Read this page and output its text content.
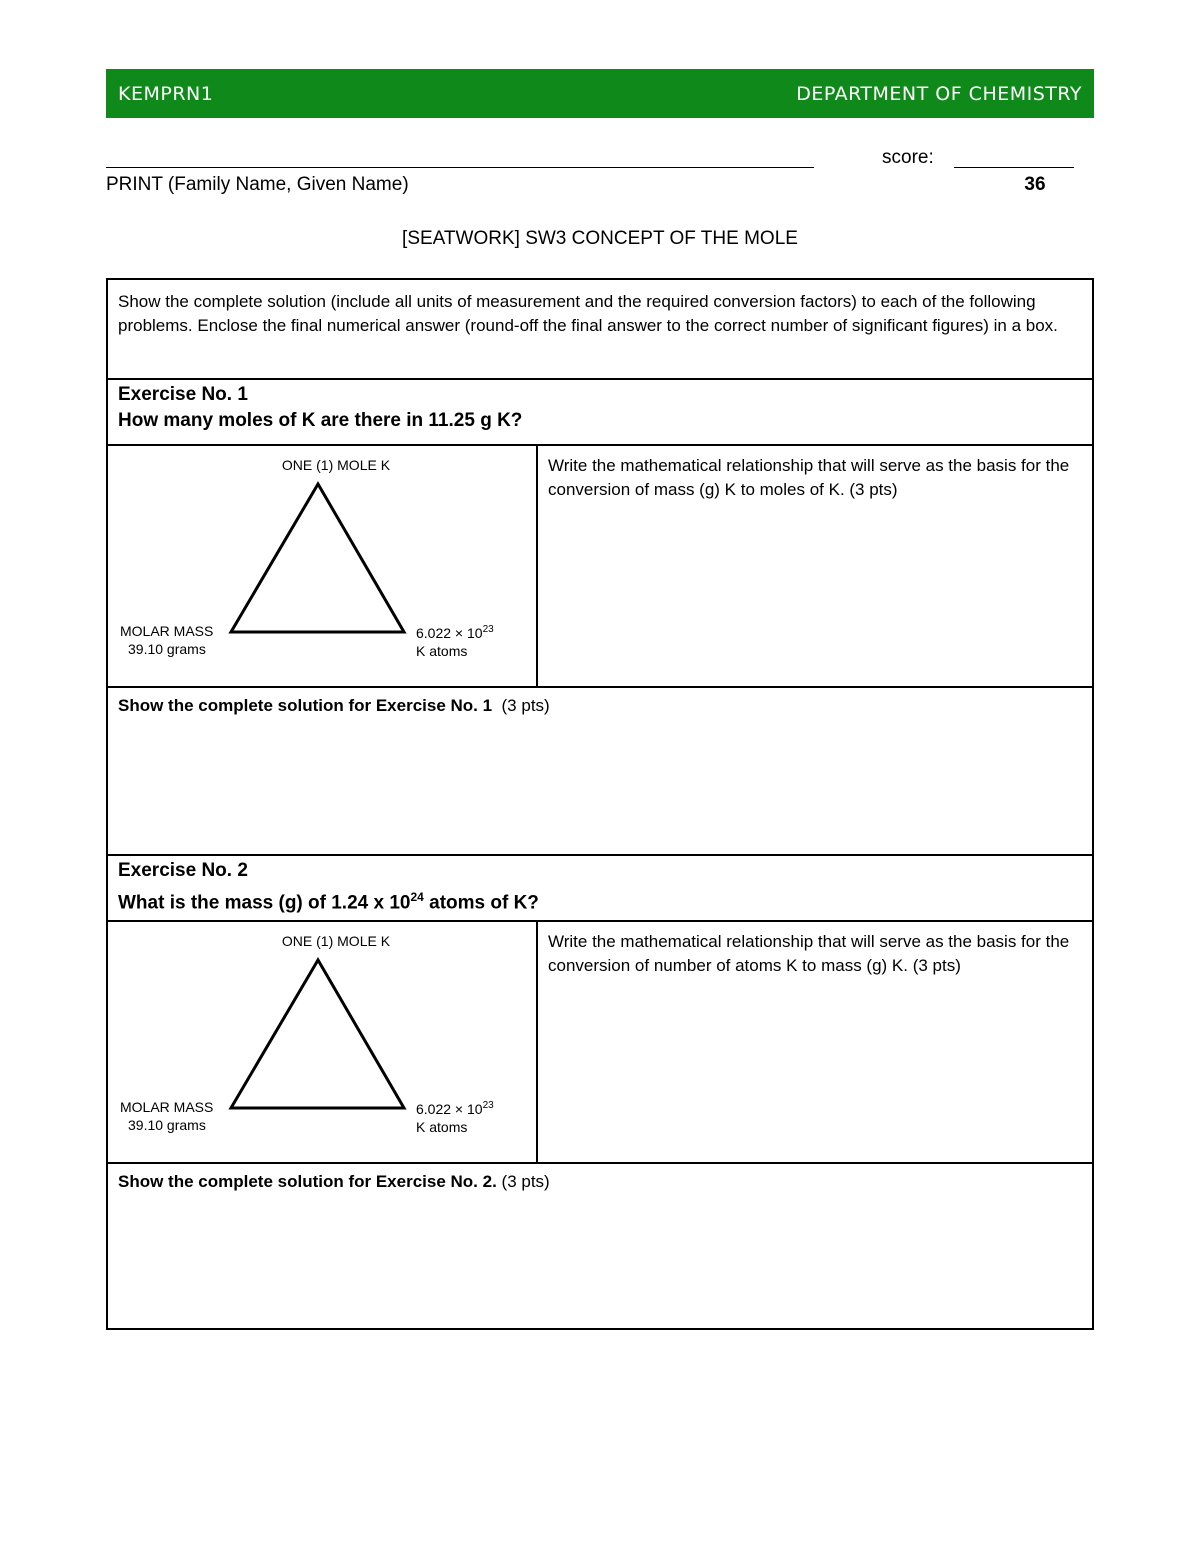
KEMPRN1	DEPARTMENT OF CHEMISTRY
PRINT (Family Name, Given Name)
score:
36
[SEATWORK] SW3 CONCEPT OF THE MOLE
Show the complete solution (include all units of measurement and the required conversion factors) to each of the following problems. Enclose the final numerical answer (round-off the final answer to the correct number of significant figures) in a box.
Exercise No. 1
How many moles of K are there in 11.25 g K?
ONE (1) MOLE K
MOLAR MASS
39.10 grams
$6.022 \times 10^{23}$
K atoms
Write the mathematical relationship that will serve as the basis for the conversion of mass (g) K to moles of K. (3 pts)
Show the complete solution for Exercise No. 1  (3 pts)
Exercise No. 2
What is the mass (g) of 1.24 x $10^{24}$ atoms of K?
ONE (1) MOLE K
MOLAR MASS
39.10 grams
$6.022 \times 10^{23}$
K atoms
Write the mathematical relationship that will serve as the basis for the conversion of number of atoms K to mass (g) K. (3 pts)
Show the complete solution for Exercise No. 2. (3 pts)
